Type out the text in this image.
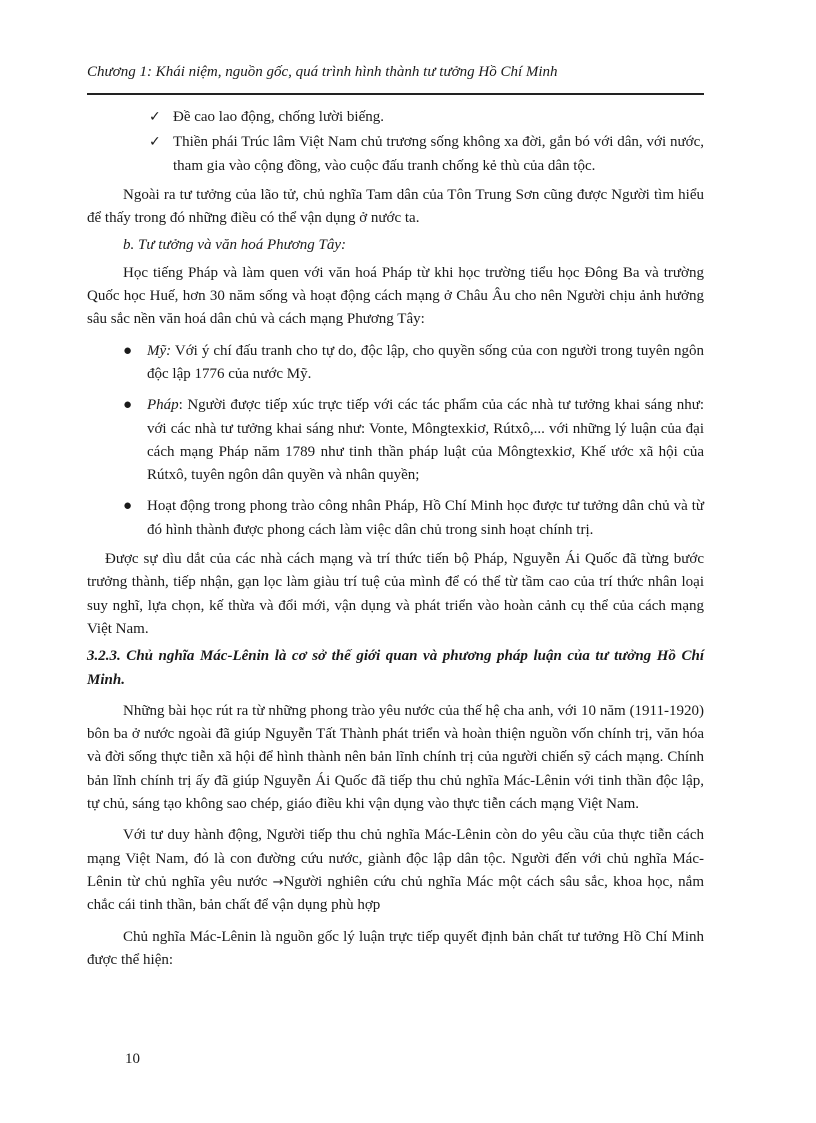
Chương 1: Khái niệm, nguồn gốc, quá trình hình thành tư tưởng Hồ Chí Minh
✓ Đề cao lao động, chống lười biếng.
✓ Thiền phái Trúc lâm Việt Nam chủ trương sống không xa đời, gắn bó với dân, với nước, tham gia vào cộng đồng, vào cuộc đấu tranh chống kẻ thù của dân tộc.

Ngoài ra tư tưởng của lão tử, chủ nghĩa Tam dân của Tôn Trung Sơn cũng được Người tìm hiểu để thấy trong đó những điều có thể vận dụng ở nước ta.

b. Tư tưởng và văn hoá Phương Tây:

Học tiếng Pháp và làm quen với văn hoá Pháp từ khi học trường tiểu học Đông Ba và trường Quốc học Huế, hơn 30 năm sống và hoạt động cách mạng ở Châu Âu cho nên Người chịu ảnh hưởng sâu sắc nền văn hoá dân chủ và cách mạng Phương Tây:

● Mỹ: Với ý chí đấu tranh cho tự do, độc lập, cho quyền sống của con người trong tuyên ngôn độc lập 1776 của nước Mỹ.
● Pháp: Người được tiếp xúc trực tiếp với các tác phẩm của các nhà tư tưởng khai sáng như: với các nhà tư tưởng khai sáng như: Vonte, Môngtexkiơ, Rútxô,... với những lý luận của đại cách mạng Pháp năm 1789 như tinh thần pháp luật của Môngtexkiơ, Khế ước xã hội của Rútxô, tuyên ngôn dân quyền và nhân quyền;
● Hoạt động trong phong trào công nhân Pháp, Hồ Chí Minh học được tư tưởng dân chủ và từ đó hình thành được phong cách làm việc dân chủ trong sinh hoạt chính trị.

Được sự dìu dắt của các nhà cách mạng và trí thức tiến bộ Pháp, Nguyễn Ái Quốc đã từng bước trưởng thành, tiếp nhận, gạn lọc làm giàu trí tuệ của mình để có thể từ tầm cao của trí thức nhân loại suy nghĩ, lựa chọn, kế thừa và đổi mới, vận dụng và phát triển vào hoàn cảnh cụ thể của cách mạng Việt Nam.

3.2.3. Chủ nghĩa Mác-Lênin là cơ sở thế giới quan và phương pháp luận của tư tưởng Hồ Chí Minh.

Những bài học rút ra từ những phong trào yêu nước của thế hệ cha anh, với 10 năm (1911-1920) bôn ba ở nước ngoài đã giúp Nguyễn Tất Thành phát triển và hoàn thiện nguồn vốn chính trị, văn hóa và đời sống thực tiễn xã hội để hình thành nên bản lĩnh chính trị của người chiến sỹ cách mạng. Chính bản lĩnh chính trị ấy đã giúp Nguyễn Ái Quốc đã tiếp thu chủ nghĩa Mác-Lênin với tinh thần độc lập, tự chủ, sáng tạo không sao chép, giáo điều khi vận dụng vào thực tiễn cách mạng Việt Nam.

Với tư duy hành động, Người tiếp thu chủ nghĩa Mác-Lênin còn do yêu cầu của thực tiễn cách mạng Việt Nam, đó là con đường cứu nước, giành độc lập dân tộc. Người đến với chủ nghĩa Mác-Lênin từ chủ nghĩa yêu nước →Người nghiên cứu chủ nghĩa Mác một cách sâu sắc, khoa học, nắm chắc cái tinh thần, bản chất để vận dụng phù hợp

Chủ nghĩa Mác-Lênin là nguồn gốc lý luận trực tiếp quyết định bản chất tư tưởng Hồ Chí Minh được thể hiện:

10
